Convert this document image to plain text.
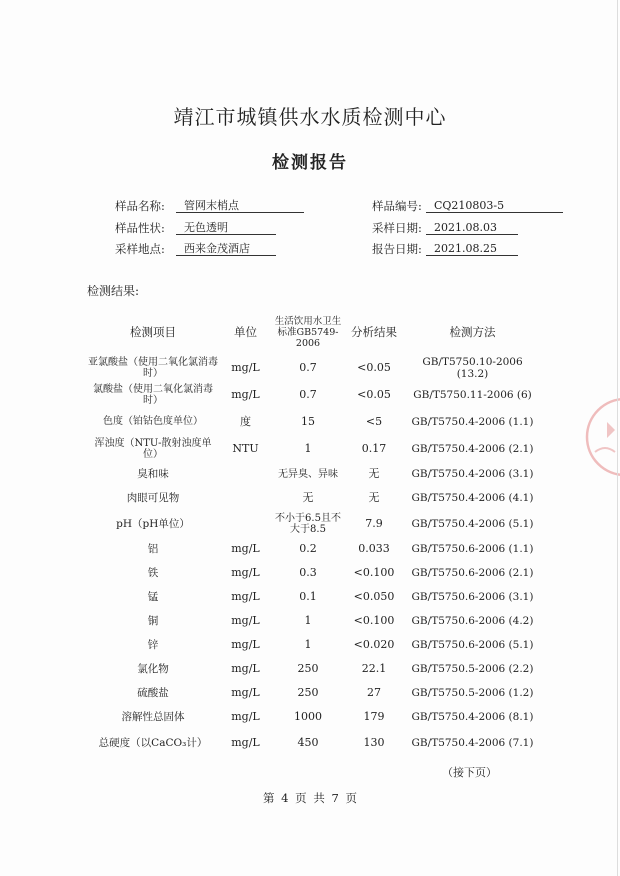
靖江市城镇供水水质检测中心
检测报告
样品名称:	管网末梢点	样品编号:	CQ210803-5
样品性状:	无色透明	采样日期:	2021.08.03
采样地点:	西来金茂酒店	报告日期:	2021.08.25
检测结果:
检测项目	单位	生活饮用水卫生标准GB5749-2006	分析结果	检测方法
亚氯酸盐（使用二氧化氯消毒时）	mg/L	0.7	<0.05	GB/T5750.10-2006 (13.2)
氯酸盐（使用二氧化氯消毒时）	mg/L	0.7	<0.05	GB/T5750.11-2006 (6)
色度（铂钴色度单位）	度	15	<5	GB/T5750.4-2006 (1.1)
浑浊度（NTU-散射浊度单位）	NTU	1	0.17	GB/T5750.4-2006 (2.1)
臭和味		无异臭、异味	无	GB/T5750.4-2006 (3.1)
肉眼可见物		无	无	GB/T5750.4-2006 (4.1)
pH（pH单位）		不小于6.5且不大于8.5	7.9	GB/T5750.4-2006 (5.1)
铝	mg/L	0.2	0.033	GB/T5750.6-2006 (1.1)
铁	mg/L	0.3	<0.100	GB/T5750.6-2006 (2.1)
锰	mg/L	0.1	<0.050	GB/T5750.6-2006 (3.1)
铜	mg/L	1	<0.100	GB/T5750.6-2006 (4.2)
锌	mg/L	1	<0.020	GB/T5750.6-2006 (5.1)
氯化物	mg/L	250	22.1	GB/T5750.5-2006 (2.2)
硫酸盐	mg/L	250	27	GB/T5750.5-2006 (1.2)
溶解性总固体	mg/L	1000	179	GB/T5750.4-2006 (8.1)
总硬度（以CaCO₃计）	mg/L	450	130	GB/T5750.4-2006 (7.1)
（接下页）
第 4 页 共 7 页
